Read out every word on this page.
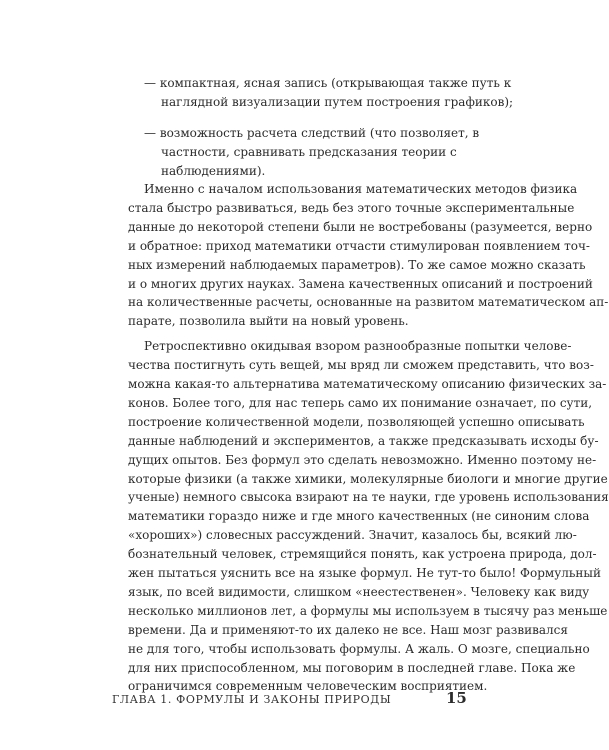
— компактная, ясная запись (открывающая также путь к наглядной визуализации путем построения графиков);
— возможность расчета следствий (что позволяет, в частности, сравнивать предсказания теории с наблюдениями).
Именно с началом использования математических методов физика
стала быстро развиваться, ведь без этого точные экспериментальные
данные до некоторой степени были не востребованы (разумеется, верно
и обратное: приход математики отчасти стимулирован появлением точ-
ных измерений наблюдаемых параметров). То же самое можно сказать
и о многих других науках. Замена качественных описаний и построений
на количественные расчеты, основанные на развитом математическом ап-
парате, позволила выйти на новый уровень.
Ретроспективно окидывая взором разнообразные попытки челове-
чества постигнуть суть вещей, мы вряд ли сможем представить, что воз-
можна какая-то альтернатива математическому описанию физических за-
конов. Более того, для нас теперь само их понимание означает, по сути,
построение количественной модели, позволяющей успешно описывать
данные наблюдений и экспериментов, а также предсказывать исходы бу-
дущих опытов. Без формул это сделать невозможно. Именно поэтому не-
которые физики (а также химики, молекулярные биологи и многие другие
ученые) немного свысока взирают на те науки, где уровень использования
математики гораздо ниже и где много качественных (не синоним слова
«хороших») словесных рассуждений. Значит, казалось бы, всякий лю-
бознательный человек, стремящийся понять, как устроена природа, дол-
жен пытаться уяснить все на языке формул. Не тут-то было! Формульный
язык, по всей видимости, слишком «неестественен». Человеку как виду
несколько миллионов лет, а формулы мы используем в тысячу раз меньше
времени. Да и применяют-то их далеко не все. Наш мозг развивался
не для того, чтобы использовать формулы. А жаль. О мозге, специально
для них приспособленном, мы поговорим в последней главе. Пока же
ограничимся современным человеческим восприятием.
ГЛАВА 1. ФОРМУЛЫ И ЗАКОНЫ ПРИРОДЫ	15
